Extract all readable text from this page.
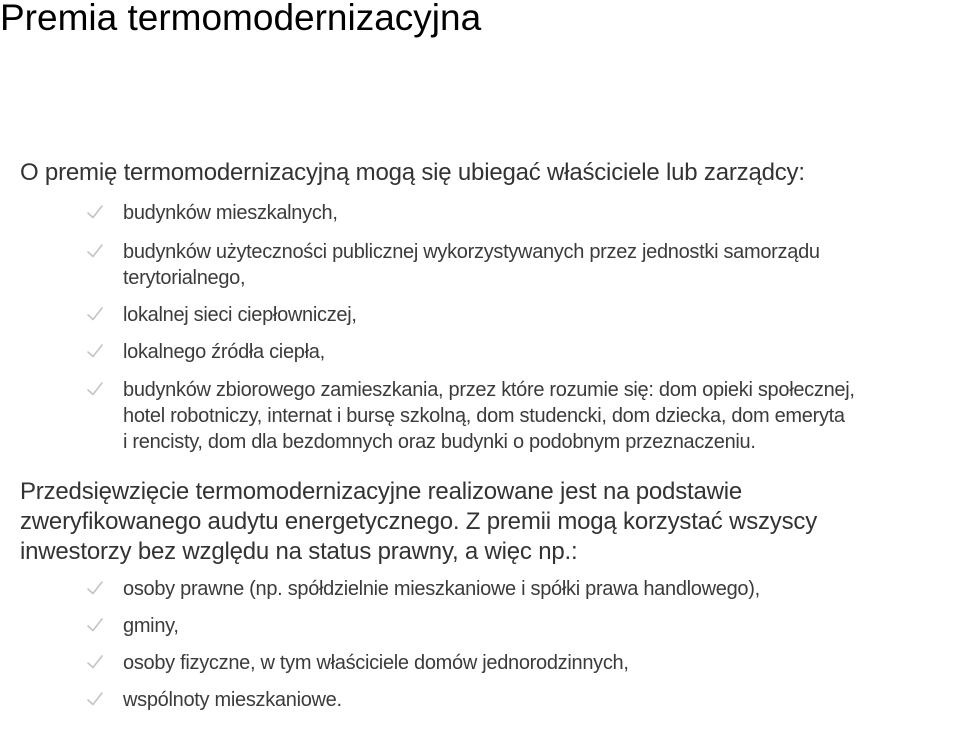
Premia termomodernizacyjna

O premię termomodernizacyjną mogą się ubiegać właściciele lub zarządcy:

budynków mieszkalnych,
budynków użyteczności publicznej wykorzystywanych przez jednostki samorządu
terytorialnego,
lokalnej sieci ciepłowniczej,
lokalnego źródła ciepła,
budynków zbiorowego zamieszkania, przez które rozumie się: dom opieki społecznej,
hotel robotniczy, internat i bursę szkolną, dom studencki, dom dziecka, dom emeryta
i rencisty, dom dla bezdomnych oraz budynki o podobnym przeznaczeniu.
Przedsięwzięcie termomodernizacyjne realizowane jest na podstawie
zweryfikowanego audytu energetycznego. Z premii mogą korzystać wszyscy
inwestorzy bez względu na status prawny, a więc np.:
osoby prawne (np. spółdzielnie mieszkaniowe i spółki prawa handlowego),
gminy,
osoby fizyczne, w tym właściciele domów jednorodzinnych,
wspólnoty mieszkaniowe.
